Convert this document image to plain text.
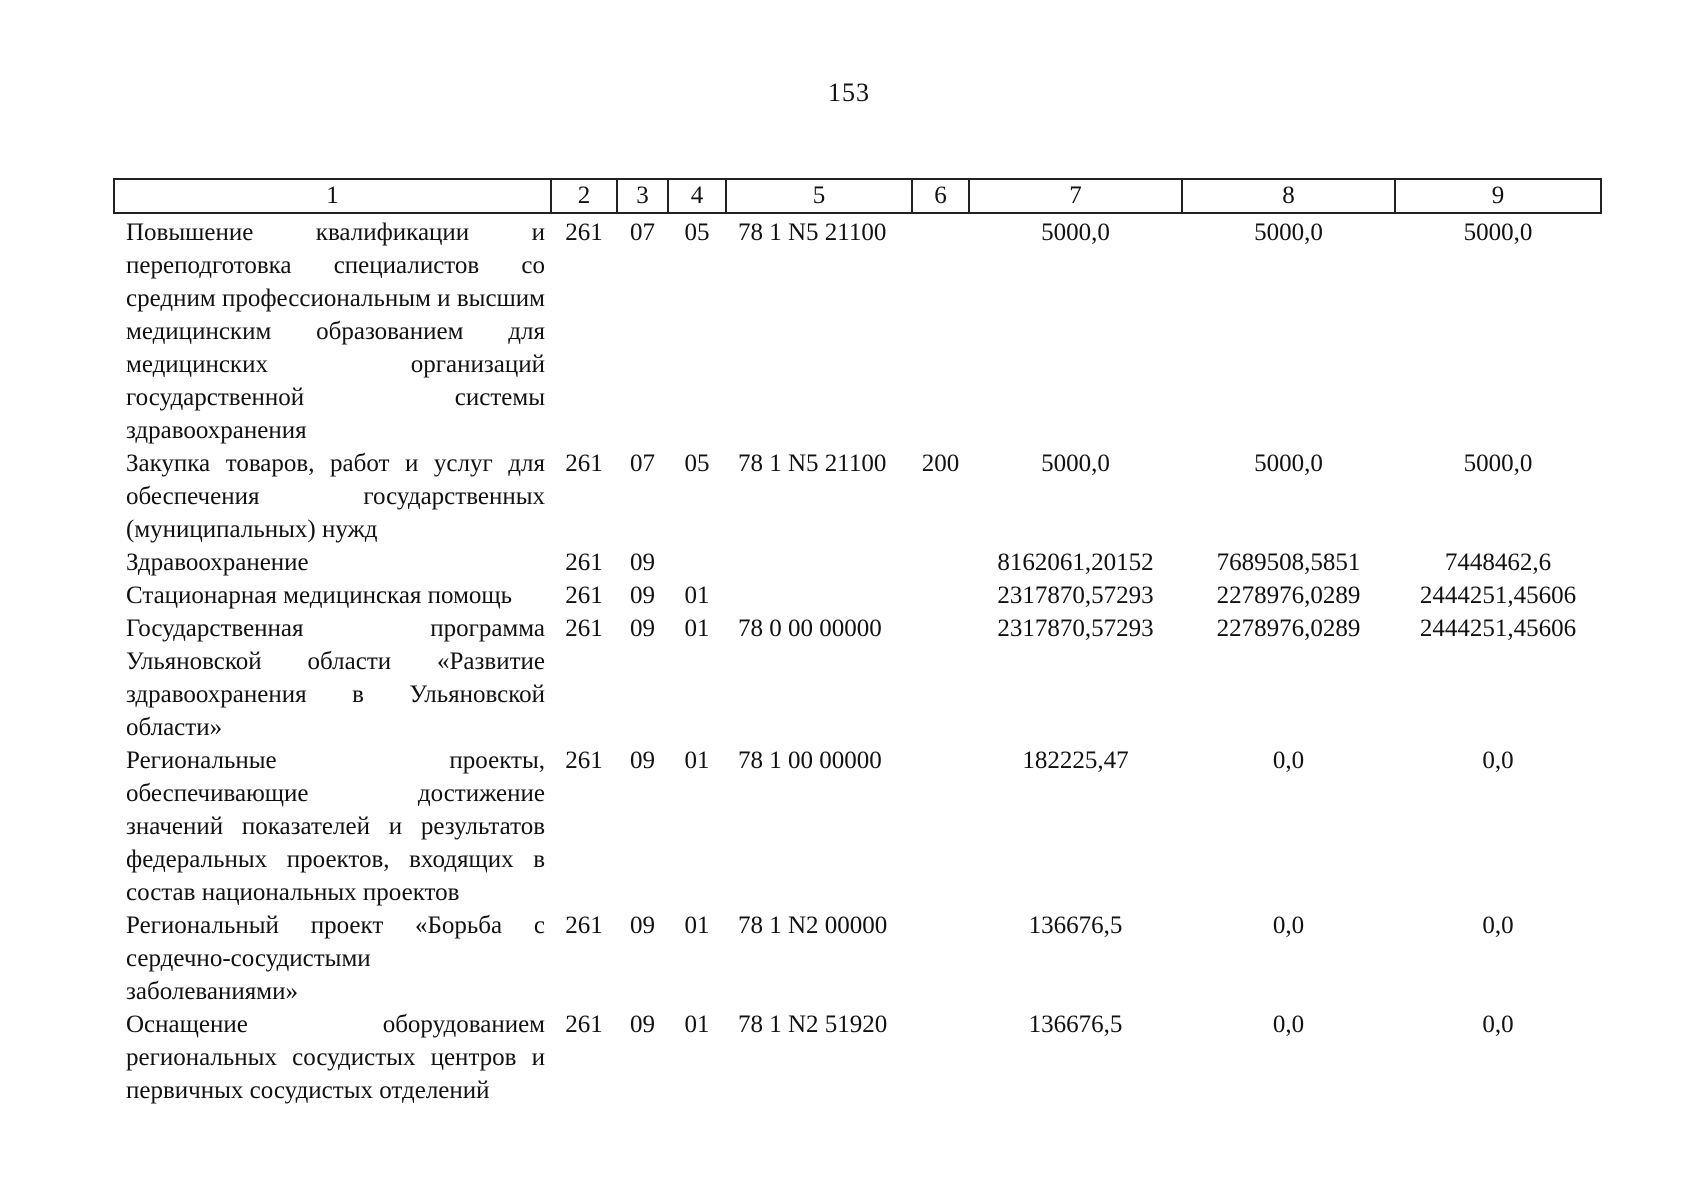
153
1	2	3	4	5	6	7	8	9
Повышение квалификации и переподготовка специалистов со средним профессиональным и высшим медицинским образованием для медицинских организаций государственной системы здравоохранения	261	07	05	78 1 N5 21100		5000,0	5000,0	5000,0
Закупка товаров, работ и услуг для обеспечения государственных (муниципальных) нужд	261	07	05	78 1 N5 21100	200	5000,0	5000,0	5000,0
Здравоохранение	261	09				8162061,20152	7689508,5851	7448462,6
Стационарная медицинская помощь	261	09	01			2317870,57293	2278976,0289	2444251,45606
Государственная программа Ульяновской области «Развитие здравоохранения в Ульяновской области»	261	09	01	78 0 00 00000		2317870,57293	2278976,0289	2444251,45606
Региональные проекты, обеспечивающие достижение значений показателей и результатов федеральных проектов, входящих в состав национальных проектов	261	09	01	78 1 00 00000		182225,47	0,0	0,0
Региональный проект «Борьба с сердечно-сосудистыми заболеваниями»	261	09	01	78 1 N2 00000		136676,5	0,0	0,0
Оснащение оборудованием региональных сосудистых центров и первичных сосудистых отделений	261	09	01	78 1 N2 51920		136676,5	0,0	0,0
